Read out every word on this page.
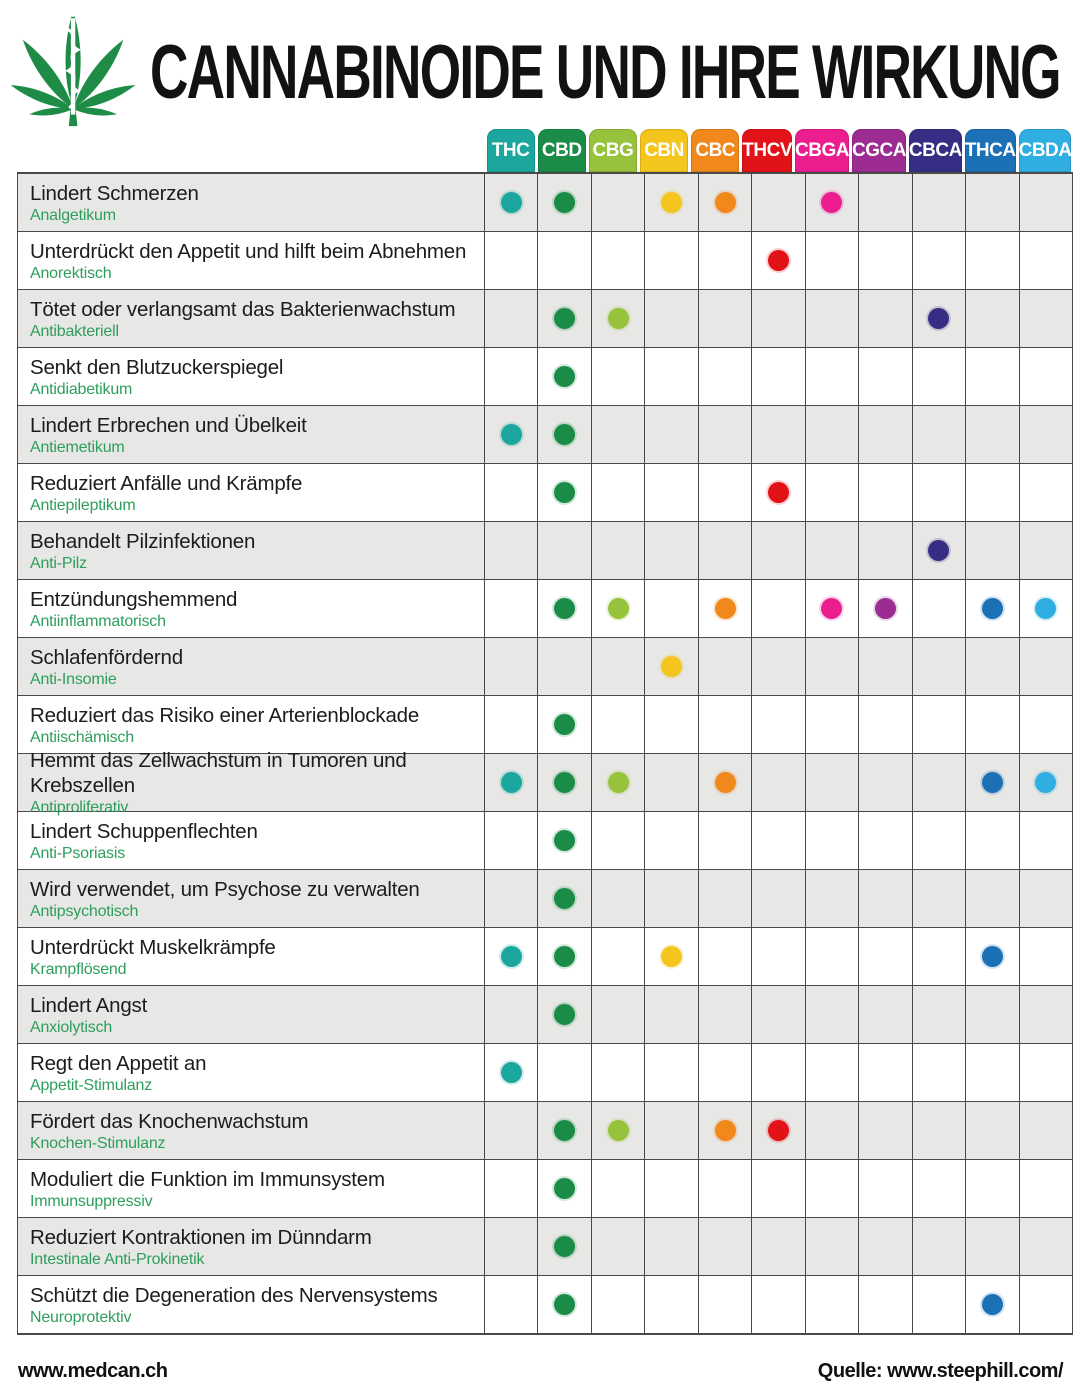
CANNABINOIDE UND IHRE WIRKUNG
THC CBD CBG CBN CBC THCV CBGA CGCA CBCA THCA CBDA
Lindert Schmerzen
Analgetikum
Unterdrückt den Appetit und hilft beim Abnehmen
Anorektisch
Tötet oder verlangsamt das Bakterienwachstum
Antibakteriell
Senkt den Blutzuckerspiegel
Antidiabetikum
Lindert Erbrechen und Übelkeit
Antiemetikum
Reduziert Anfälle und Krämpfe
Antiepileptikum
Behandelt Pilzinfektionen
Anti-Pilz
Entzündungshemmend
Antiinflammatorisch
Schlafenfördernd
Anti-Insomie
Reduziert das Risiko einer Arterienblockade
Antiischämisch
Hemmt das Zellwachstum in Tumoren und Krebszellen
Antiproliferativ
Lindert Schuppenflechten
Anti-Psoriasis
Wird verwendet, um Psychose zu verwalten
Antipsychotisch
Unterdrückt Muskelkrämpfe
Krampflösend
Lindert Angst
Anxiolytisch
Regt den Appetit an
Appetit-Stimulanz
Fördert das Knochenwachstum
Knochen-Stimulanz
Moduliert die Funktion im Immunsystem
Immunsuppressiv
Reduziert Kontraktionen im Dünndarm
Intestinale Anti-Prokinetik
Schützt die Degeneration des Nervensystems
Neuroprotektiv
www.medcan.ch	Quelle: www.steephill.com/
